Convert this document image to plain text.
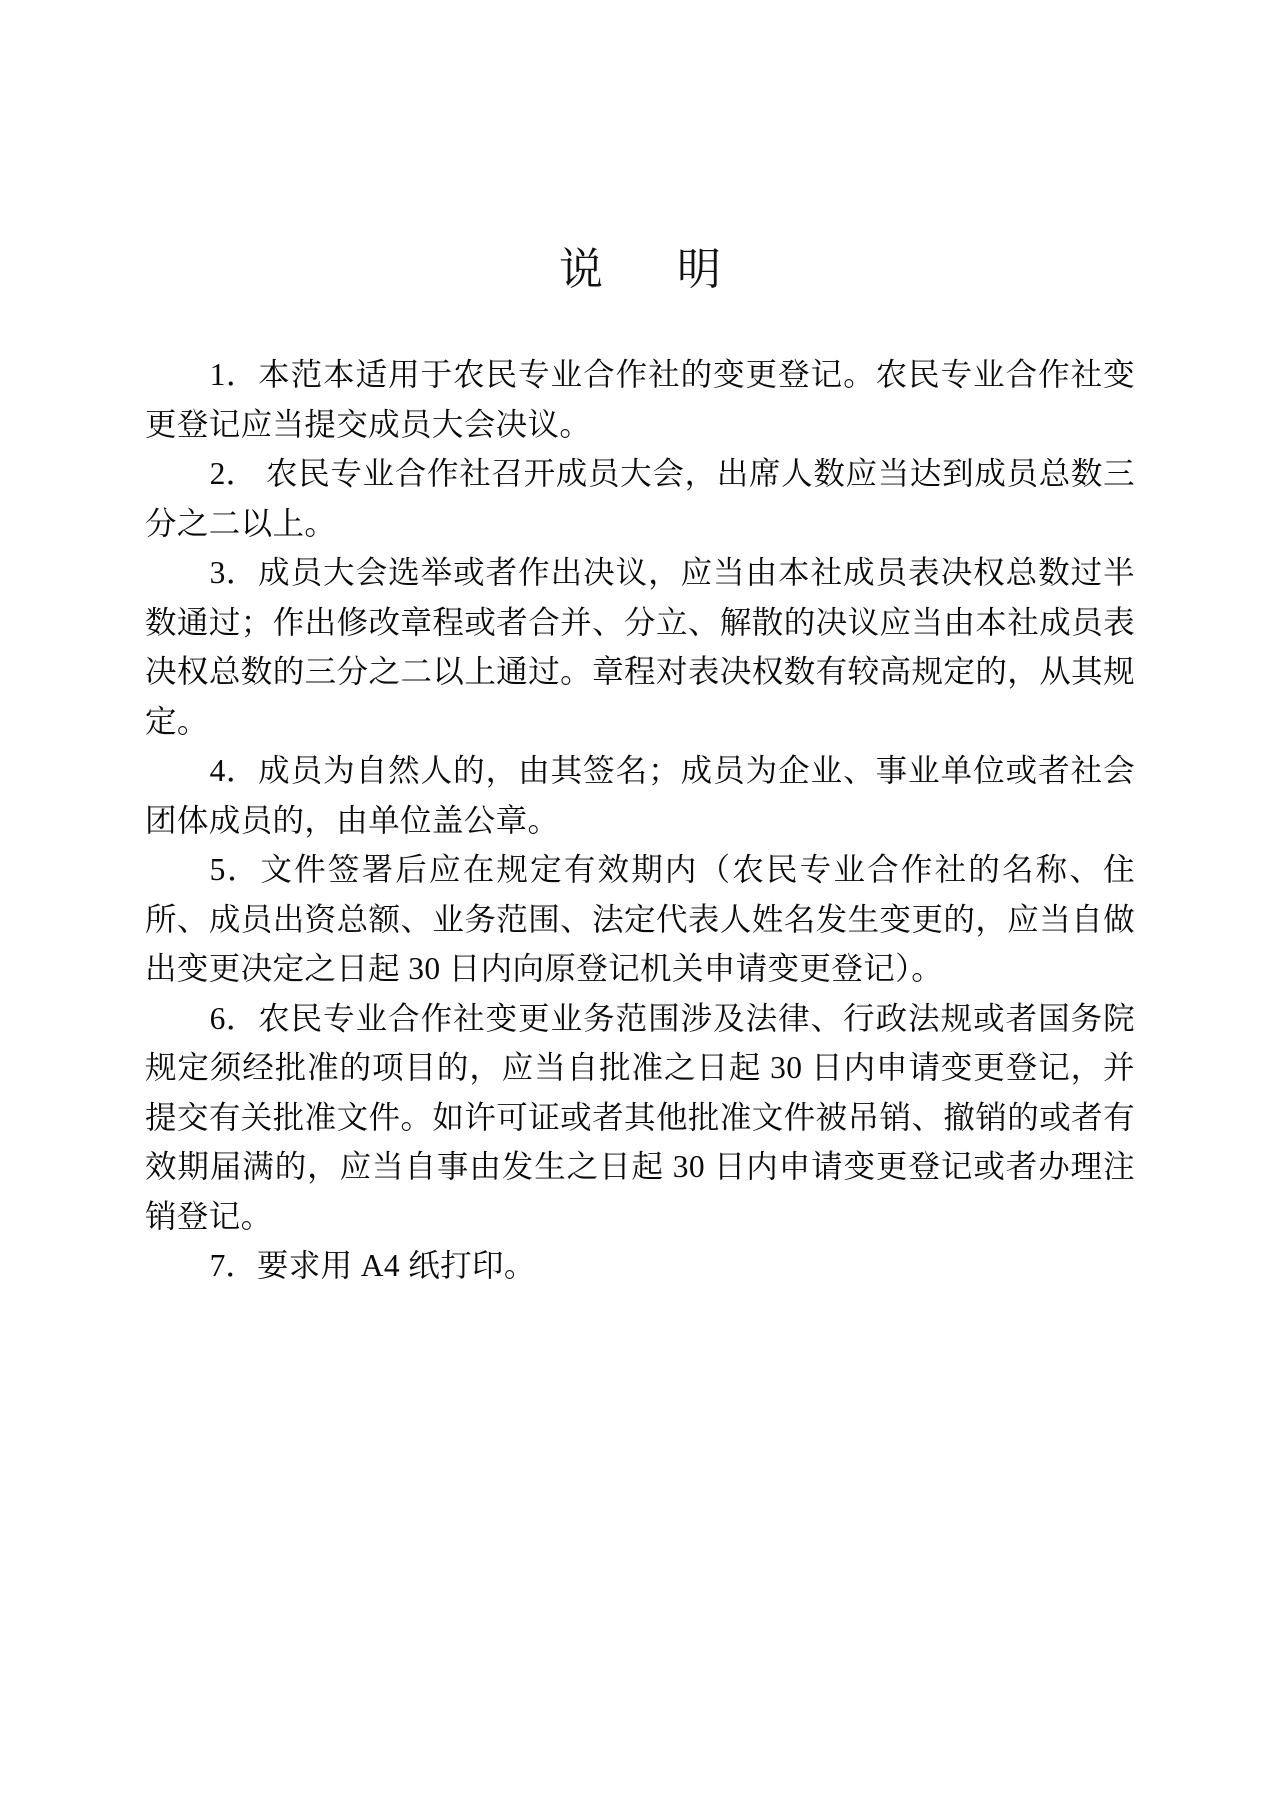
说　明
1．本范本适用于农民专业合作社的变更登记。农民专业合作社变更登记应当提交成员大会决议。
2． 农民专业合作社召开成员大会，出席人数应当达到成员总数三分之二以上。
3．成员大会选举或者作出决议，应当由本社成员表决权总数过半数通过；作出修改章程或者合并、分立、解散的决议应当由本社成员表决权总数的三分之二以上通过。章程对表决权数有较高规定的，从其规定。
4．成员为自然人的，由其签名；成员为企业、事业单位或者社会团体成员的，由单位盖公章。
5．文件签署后应在规定有效期内（农民专业合作社的名称、住所、成员出资总额、业务范围、法定代表人姓名发生变更的，应当自做出变更决定之日起 30 日内向原登记机关申请变更登记）。
6．农民专业合作社变更业务范围涉及法律、行政法规或者国务院规定须经批准的项目的，应当自批准之日起 30 日内申请变更登记，并提交有关批准文件。如许可证或者其他批准文件被吊销、撤销的或者有效期届满的，应当自事由发生之日起 30 日内申请变更登记或者办理注销登记。
7．要求用 A4 纸打印。
